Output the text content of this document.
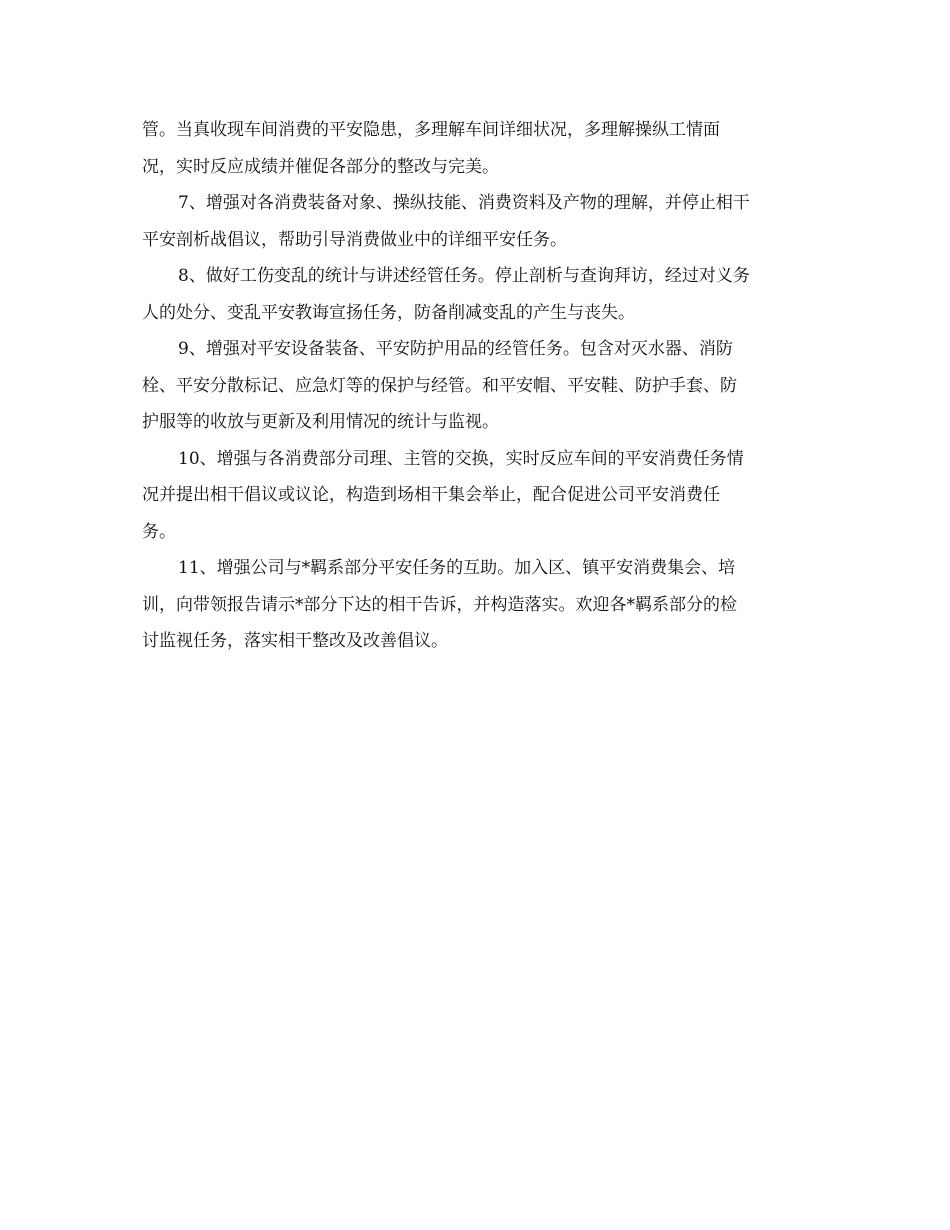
管。当真收现车间消费的平安隐患，多理解车间详细状况，多理解操纵工情面
况，实时反应成绩并催促各部分的整改与完美。
7、增强对各消费装备对象、操纵技能、消费资料及产物的理解，并停止相干
平安剖析战倡议，帮助引导消费做业中的详细平安任务。
8、做好工伤变乱的统计与讲述经管任务。停止剖析与查询拜访，经过对义务
人的处分、变乱平安教诲宣扬任务，防备削减变乱的产生与丧失。
9、增强对平安设备装备、平安防护用品的经管任务。包含对灭水器、消防
栓、平安分散标记、应急灯等的保护与经管。和平安帽、平安鞋、防护手套、防
护服等的收放与更新及利用情况的统计与监视。
10、增强与各消费部分司理、主管的交换，实时反应车间的平安消费任务情
况并提出相干倡议或议论，构造到场相干集会举止，配合促进公司平安消费任
务。
11、增强公司与*羁系部分平安任务的互助。加入区、镇平安消费集会、培
训，向带领报告请示*部分下达的相干告诉，并构造落实。欢迎各*羁系部分的检
讨监视任务，落实相干整改及改善倡议。
